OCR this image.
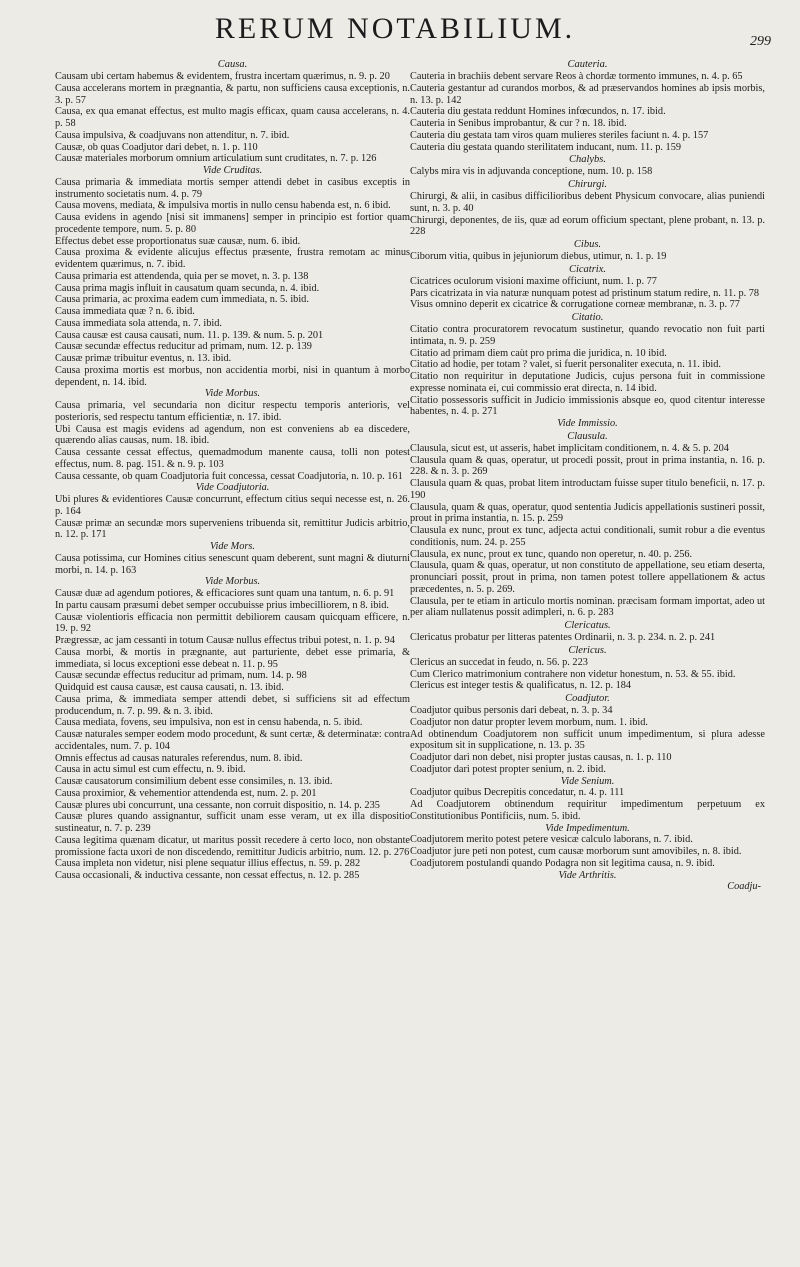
RERUM NOTABILIUM.	299
Causa.

Causam ubi certam habemus & evidentem, frustra incertam quærimus, n. 9. p. 20

Causa accelerans mortem in prægnantia, & partu, non sufficiens causa exceptionis, n. 3. p. 57

Causa, ex qua emanat effectus, est multo magis efficax, quam causa accelerans, n. 4. p. 58

Causa impulsiva, & coadjuvans non attenditur, n. 7. ibid.

Causæ, ob quas Coadjutor dari debet, n. 1. p. 110

Causæ materiales morborum omnium articulatium sunt cruditates, n. 7. p. 126

Vide Cruditas.

Causa primaria & immediata mortis semper attendi debet in casibus exceptis in instrumento societatis num. 4. p. 79

Causa movens, mediata, & impulsiva mortis in nullo censu habenda est, n. 6 ibid.

Causa evidens in agendo [nisi sit immanens] semper in principio est fortior quam procedente tempore, num. 5. p. 80

Effectus debet esse proportionatus suæ causæ, num. 6. ibid.

Causa proxima & evidente alicujus effectus præsente, frustra remotam ac minus evidentem quærimus, n. 7. ibid.

Causa primaria est attendenda, quia per se movet, n. 3. p. 138

Causa prima magis influit in causatum quam secunda, n. 4. ibid.

Causa primaria, ac proxima eadem cum immediata, n. 5. ibid.

Causa immediata quæ ? n. 6. ibid.

Causa immediata sola attenda, n. 7. ibid.

Causa causæ est causa causati, num. 11. p. 139. & num. 5. p. 201

Causæ secundæ effectus reducitur ad primam, num. 12. p. 139

Causæ primæ tribuitur eventus, n. 13. ibid.

Causa proxima mortis est morbus, non accidentia morbi, nisi in quantum à morbo dependent, n. 14. ibid.

Vide Morbus.

Causa primaria, vel secundaria non dicitur respectu temporis anterioris, vel posterioris, sed respectu tantum efficientiæ, n. 17. ibid.

Ubi Causa est magis evidens ad agendum, non est conveniens ab ea discedere, quærendo alias causas, num. 18. ibid.

Causa cessante cessat effectus, quemadmodum manente causa, tolli non potest effectus, num. 8. pag. 151. & n. 9. p. 103

Causa cessante, ob quam Coadjutoria fuit concessa, cessat Coadjutoria, n. 10. p. 161

Vide Coadjutoria.

Ubi plures & evidentiores Causæ concurrunt, effectum citius sequi necesse est, n. 26. p. 164

Causæ primæ an secundæ mors superveniens tribuenda sit, remittitur Judicis arbitrio, n. 12. p. 171

Vide Mors.

Causa potissima, cur Homines citius senescunt quam deberent, sunt magni & diuturni morbi, n. 14. p. 163

Vide Morbus.

Causæ duæ ad agendum potiores, & efficaciores sunt quam una tantum, n. 6. p. 91

In partu causam præsumi debet semper occubuisse prius imbecilliorem, n 8. ibid.

Causæ violentioris efficacia non permittit debiliorem causam quicquam efficere, n. 19. p. 92

Prægressæ, ac jam cessanti in totum Causæ nullus effectus tribui potest, n. 1. p. 94

Causa morbi, & mortis in prægnante, aut parturiente, debet esse primaria, & immediata, si locus exceptioni esse debeat n. 11. p. 95

Causæ secundæ effectus reducitur ad primam, num. 14. p. 98

Quidquid est causa causæ, est causa causati, n. 13. ibid.

Causa prima, & immediata semper attendi debet, si sufficiens sit ad effectum producendum, n. 7. p. 99. & n. 3. ibid.

Causa mediata, fovens, seu impulsiva, non est in censu habenda, n. 5. ibid.

Causæ naturales semper eodem modo procedunt, & sunt certæ, & determinatæ: contra accidentales, num. 7. p. 104

Omnis effectus ad causas naturales referendus, num. 8. ibid.

Causa in actu simul est cum effectu, n. 9. ibid.

Causæ causatorum consimilium debent esse consimiles, n. 13. ibid.

Causa proximior, & vehementior attendenda est, num. 2. p. 201

Causæ plures ubi concurrunt, una cessante, non corruit dispositio, n. 14. p. 235

Causæ plures quando assignantur, sufficit unam esse veram, ut ex illa dispositio sustineatur, n. 7. p. 239

Causa legitima quænam dicatur, ut maritus possit recedere à certo loco, non obstante promissione facta uxori de non discedendo, remittitur Judicis arbitrio, num. 12. p. 276

Causa impleta non videtur, nisi plene sequatur illius effectus, n. 59. p. 282

Causa occasionali, & inductiva cessante, non cessat effectus, n. 12. p. 285

Cauteria.

Cauteria in brachiis debent servare Reos à chordæ tormento immunes, n. 4. p. 65

Cauteria gestantur ad curandos morbos, & ad præservandos homines ab ipsis morbis, n. 13. p. 142

Cauteria diu gestata reddunt Homines infœcundos, n. 17. ibid.

Cauteria in Senibus improbantur, & cur ? n. 18. ibid.

Cauteria diu gestata tam viros quam mulieres steriles faciunt n. 4. p. 157

Cauteria diu gestata quando sterilitatem inducant, num. 11. p. 159

Chalybs.

Calybs mira vis in adjuvanda conceptione, num. 10. p. 158

Chirurgi.

Chirurgi, & alii, in casibus difficilioribus debent Physicum convocare, alias puniendi sunt, n. 3. p. 40

Chirurgi, deponentes, de iis, quæ ad eorum officium spectant, plene probant, n. 13. p. 228

Cibus.

Ciborum vitia, quibus in jejuniorum diebus, utimur, n. 1. p. 19

Cicatrix.

Cicatrices oculorum visioni maxime officiunt, num. 1. p. 77

Pars cicatrizata in via naturæ nunquam potest ad pristinum statum redire, n. 11. p. 78

Visus omnino deperit ex cicatrice & corrugatione corneæ membranæ, n. 3. p. 77

Citatio.

Citatio contra procuratorem revocatum sustinetur, quando revocatio non fuit parti intimata, n. 9. p. 259

Citatio ad primam diem caùt pro prima die juridica, n. 10 ibid.

Citatio ad hodie, per totam ? valet, si fuerit personaliter executa, n. 11. ibid.

Citatio non requiritur in deputatione Judicis, cujus persona fuit in commissione expresse nominata ei, cui commissio erat directa, n. 14 ibid.

Citatio possessoris sufficit in Judicio immissionis absque eo, quod citentur interesse habentes, n. 4. p. 271

Vide Immissio.

Clausula.

Clausula, sicut est, ut asseris, habet implicitam conditionem, n. 4. & 5. p. 204

Clausula quam & quas, operatur, ut procedi possit, prout in prima instantia, n. 16. p. 228. & n. 3. p. 269

Clausula quam & quas, probat litem introductam fuisse super titulo beneficii, n. 17. p. 190

Clausula, quam & quas, operatur, quod sententia Judicis appellationis sustineri possit, prout in prima instantia, n. 15. p. 259

Clausula ex nunc, prout ex tunc, adjecta actui conditionali, sumit robur a die eventus conditionis, num. 24. p. 255

Clausula, ex nunc, prout ex tunc, quando non operetur, n. 40. p. 256.

Clausula, quam & quas, operatur, ut non constituto de appellatione, seu etiam deserta, pronunciari possit, prout in prima, non tamen potest tollere appellationem & actus præcedentes, n. 5. p. 269.

Clausula, per te etiam in articulo mortis nominan. præcisam formam importat, adeo ut per aliam nullatenus possit adimpleri, n. 6. p. 283

Clericatus.

Clericatus probatur per litteras patentes Ordinarii, n. 3. p. 234. n. 2. p. 241

Clericus.

Clericus an succedat in feudo, n. 56. p. 223

Cum Clerico matrimonium contrahere non videtur honestum, n. 53. & 55. ibid.

Clericus est integer testis & qualificatus, n. 12. p. 184

Coadjutor.

Coadjutor quibus personis dari debeat, n. 3. p. 34

Coadjutor non datur propter levem morbum, num. 1. ibid.

Ad obtinendum Coadjutorem non sufficit unum impedimentum, si plura adesse expositum sit in supplicatione, n. 13. p. 35

Coadjutor dari non debet, nisi propter justas causas, n. 1. p. 110

Coadjutor dari potest propter senium, n. 2. ibid.

Vide Senium.

Coadjutor quibus Decrepitis concedatur, n. 4. p. 111

Ad Coadjutorem obtinendum requiritur impedimentum perpetuum ex Constitutionibus Pontificiis, num. 5. ibid.

Vide Impedimentum.

Coadjutorem merito potest petere vesicæ calculo laborans, n. 7. ibid.

Coadjutor jure peti non potest, cum causæ morborum sunt amovibiles, n. 8. ibid.

Coadjutorem postulandi quando Podagra non sit legitima causa, n. 9. ibid.

Vide Arthritis.

Coadju-
